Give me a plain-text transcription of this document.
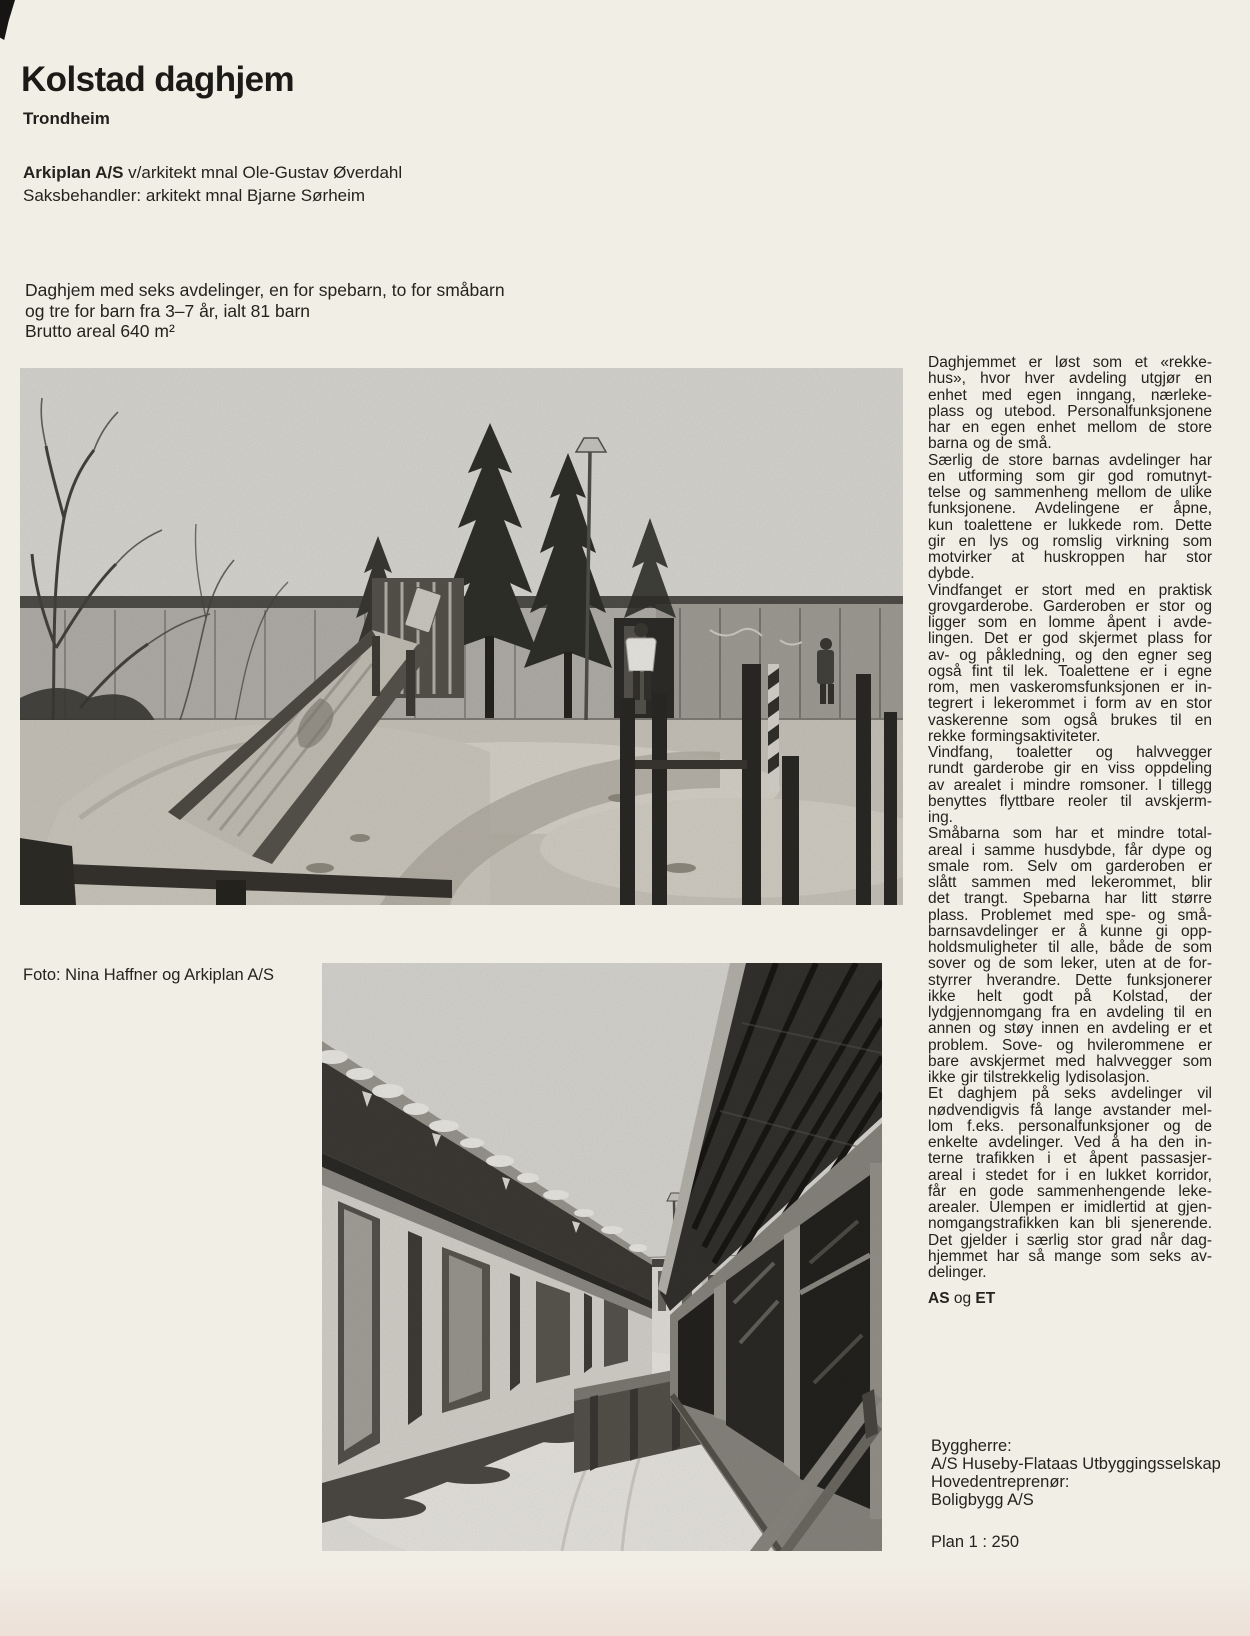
Kolstad daghjem
Trondheim

Arkiplan A/S v/arkitekt mnal Ole-Gustav Øverdahl

Saksbehandler: arkitekt mnal Bjarne Sørheim

Daghjem med seks avdelinger, en for spebarn, to for småbarn
og tre for barn fra 3–7 år, ialt 81 barn
Brutto areal 640 m²
Foto: Nina Haffner og Arkiplan A/S
Daghjemmet er løst som et «rekke-
hus», hvor hver avdeling utgjør en
enhet med egen inngang, nærleke-
plass og utebod. Personalfunksjonene
har en egen enhet mellom de store
barna og de små.
Særlig de store barnas avdelinger har
en utforming som gir god romutnyt-
telse og sammenheng mellom de ulike
funksjonene. Avdelingene er åpne,
kun toalettene er lukkede rom. Dette
gir en lys og romslig virkning som
motvirker at huskroppen har stor
dybde.
Vindfanget er stort med en praktisk
grovgarderobe. Garderoben er stor og
ligger som en lomme åpent i avde-
lingen. Det er god skjermet plass for
av- og påkledning, og den egner seg
også fint til lek. Toalettene er i egne
rom, men vaskeromsfunksjonen er in-
tegrert i lekerommet i form av en stor
vaskerenne som også brukes til en
rekke formingsaktiviteter.
Vindfang, toaletter og halvvegger
rundt garderobe gir en viss oppdeling
av arealet i mindre romsoner. I tillegg
benyttes flyttbare reoler til avskjerm-
ing.
Småbarna som har et mindre total-
areal i samme husdybde, får dype og
smale rom. Selv om garderoben er
slått sammen med lekerommet, blir
det trangt. Spebarna har litt større
plass. Problemet med spe- og små-
barnsavdelinger er å kunne gi opp-
holdsmuligheter til alle, både de som
sover og de som leker, uten at de for-
styrrer hverandre. Dette funksjonerer
ikke helt godt på Kolstad, der
lydgjennomgang fra en avdeling til en
annen og støy innen en avdeling er et
problem. Sove- og hvilerommene er
bare avskjermet med halvvegger som
ikke gir tilstrekkelig lydisolasjon.
Et daghjem på seks avdelinger vil
nødvendigvis få lange avstander mel-
lom f.eks. personalfunksjoner og de
enkelte avdelinger. Ved å ha den in-
terne trafikken i et åpent passasjer-
areal i stedet for i en lukket korridor,
får en gode sammenhengende leke-
arealer. Ulempen er imidlertid at gjen-
nomgangstrafikken kan bli sjenerende.
Det gjelder i særlig stor grad når dag-
hjemmet har så mange som seks av-
delinger.

AS og ET

Byggherre:
A/S Huseby-Flataas Utbyggingsselskap
Hovedentreprenør:
Boligbygg A/S
Plan 1 : 250
